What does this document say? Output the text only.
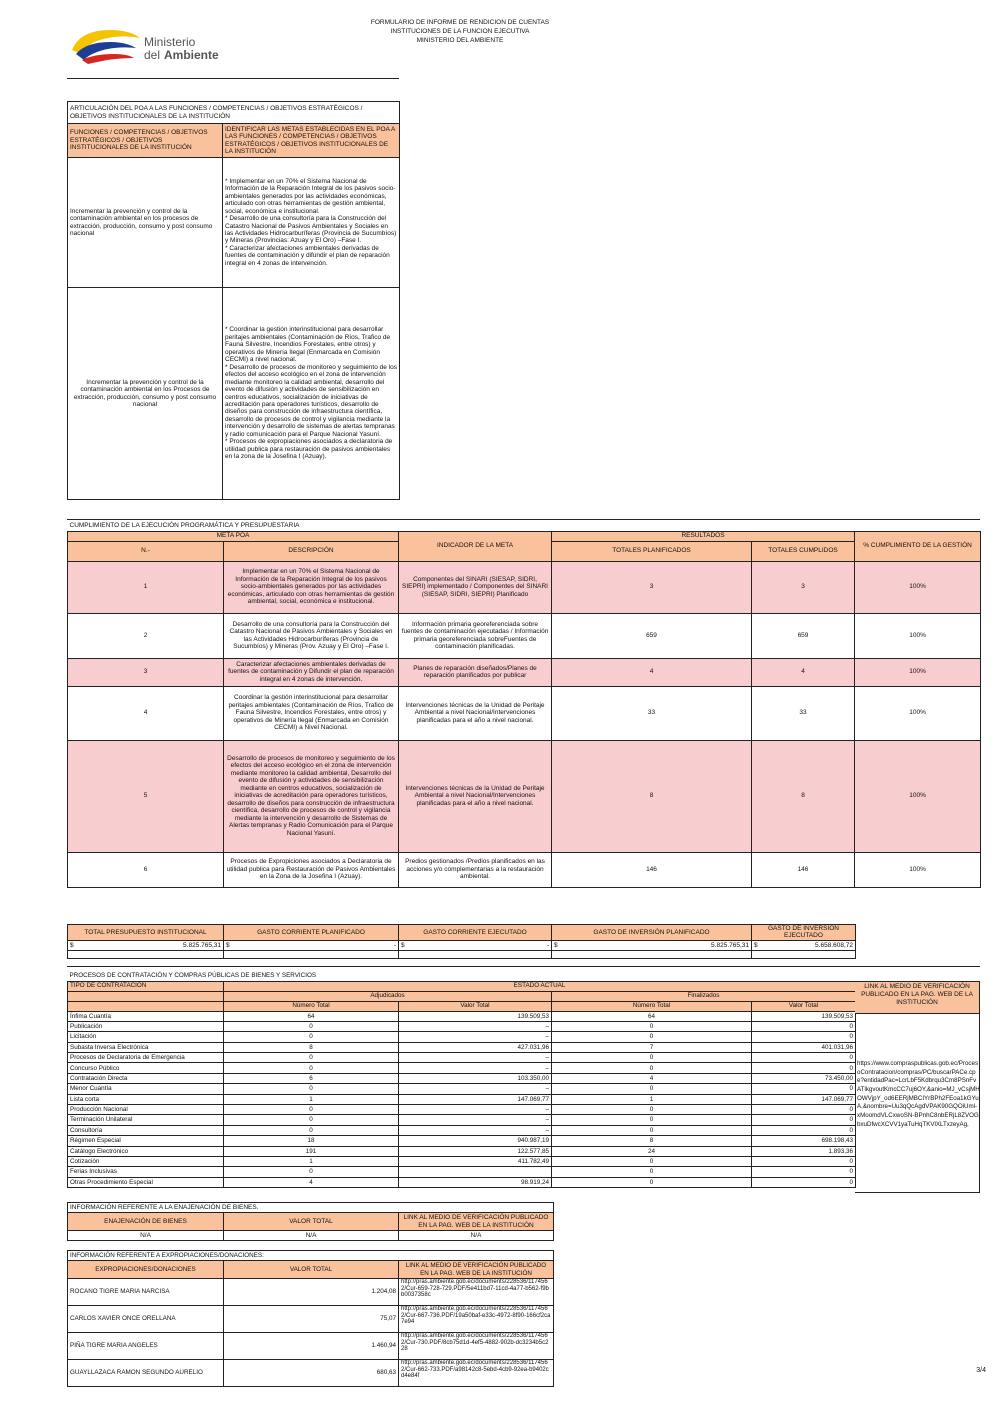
FORMULARIO DE INFORME DE RENDICION DE CUENTAS
INSTITUCIONES DE LA FUNCION EJECUTIVA
MINISTERIO DEL AMBIENTE
Ministerio
del Ambiente
ARTICULACIÓN DEL POA A LAS FUNCIONES / COMPETENCIAS / OBJETIVOS ESTRATÉGICOS / OBJETIVOS INSTITUCIONALES DE LA INSTITUCIÓN	
FUNCIONES / COMPETENCIAS / OBJETIVOS ESTRATÉGICOS / OBJETIVOS INSTITUCIONALES DE LA INSTITUCIÓN	IDENTIFICAR LAS METAS ESTABLECIDAS EN EL POA A LAS FUNCIONES / COMPETENCIAS / OBJETIVOS ESTRATÉGICOS / OBJETIVOS INSTITUCIONALES DE LA INSTITUCIÓN
Incrementar la prevención y control de la contaminación ambiental en los procesos de extracción, producción, consumo y post consumo nacional	* Implementar en un 70% el Sistema Nacional de Información de la Reparación Integral de los pasivos socio-ambientales generados por las actividades económicas, articulado con otras herramientas de gestión ambiental, social, económica e institucional.
* Desarrollo de una consultoría para la Construcción del Catastro Nacional de Pasivos Ambientales y Sociales en las Actividades Hidrocarburíferas (Provincia de Sucumbíos) y Mineras (Provincias: Azuay y El Oro) –Fase I.
* Caracterizar afectaciones ambientales derivadas de fuentes de contaminación y difundir el plan de reparación integral en 4 zonas de intervención.
Incrementar la prevención y control de la contaminación ambiental en los Procesos de extracción, producción, consumo y post consumo nacional	* Coordinar la gestión interinstitucional para desarrollar peritajes ambientales (Contaminación de Ríos, Trafico de Fauna Silvestre, Incendios Forestales, entre otros) y operativos de Minería Ilegal (Enmarcada en Comisión CECMI) a nivel nacional.
* Desarrollo de procesos de monitoreo y seguimiento de los efectos del acceso ecológico en el zona de intervención mediante monitoreo la calidad ambiental, desarrollo del evento de difusión y actividades de sensibilización en centros educativos, socialización de iniciativas de acreditación para operadores turísticos, desarrollo de diseños para construcción de infraestructura científica, desarrollo de procesos de control y vigilancia mediante la intervención y desarrollo de sistemas de alertas tempranas y radio comunicación para el Parque Nacional Yasuní.
* Procesos de expropiaciones asociados a declaratoria de utilidad publica para restauración de pasivos ambientales en la zona de la Josefina I (Azuay).
CUMPLIMIENTO DE LA EJECUCIÓN PROGRAMÁTICA Y PRESUPUESTARIA					
META POA		INDICADOR DE LA META	RESULTADOS		% CUMPLIMIENTO DE LA GESTIÓN
N.-	DESCRIPCIÓN		TOTALES PLANIFICADOS	TOTALES CUMPLIDOS	
1	Implementar en un 70% el Sistema Nacional de Información de la Reparación Integral de los pasivos socio-ambientales generados por las actividades económicas, articulado con otras herramientas de gestión ambiental, social, económica e institucional.	Componentes del SINARI (SIESAP, SIDRI, SIEPRI) implementado / Componentes del SINARI (SIESAP, SIDRI, SIEPRI) Planificado	3	3	100%
2	Desarrollo de una consultoría para la Construcción del Catastro Nacional de Pasivos Ambientales y Sociales en las Actividades Hidrocarburíferas (Provincia de Sucumbíos) y Mineras (Prov. Azuay y El Oro) –Fase I.	Información primaria georeferenciada sobre fuentes de contaminación ejecutadas / Información primaria georeferenciada sobreFuentes de contaminación planificadas.	659	659	100%
3	Caracterizar afectaciones ambientales derivadas de fuentes de contaminación y Difundir el plan de reparación integral en 4 zonas de intervención.	Planes de reparación diseñados/Planes de reparación planificados por publicar	4	4	100%
4	Coordinar la gestión interinstitucional para desarrollar peritajes ambientales (Contaminación de Ríos, Trafico de Fauna Silvestre, Incendios Forestales, entre otros) y operativos de Minería Ilegal (Enmarcada en Comisión CECMI) a Nivel Nacional.	Intervenciones técnicas de la Unidad de Peritaje Ambiental a nivel Nacional/Intervenciones planificadas para el año a nivel nacional.	33	33	100%
5	Desarrollo de procesos de monitoreo y seguimiento de los efectos del acceso ecológico en el zona de intervención mediante monitoreo la calidad ambiental, Desarrollo del evento de difusión y actividades de sensibilización mediante en centros educativos, socialización de iniciativas de acreditación para operadores turísticos, desarrollo de diseños para construcción de infraestructura científica, desarrollo de procesos de control y vigilancia mediante la intervención y desarrollo de Sistemas de Alertas tempranas y Radio Comunicación para el Parque Nacional Yasuní.	Intervenciones técnicas de la Unidad de Peritaje Ambiental a nivel Nacional/Intervenciones planificadas para el año a nivel nacional.	8	8	100%
6	Procesos de Expropiciones asociados a Declaratoria de utilidad publica para Restauración de Pasivos Ambientales en la Zona de la Josefina I (Azuay).	Predios gestionados /Predios planificados en las acciones y/o complementarias a la restauración ambiental.	146	146	100%
TOTAL PRESUPUESTO INSTITUCIONAL	GASTO CORRIENTE PLANIFICADO	GASTO CORRIENTE EJECUTADO	GASTO DE INVERSIÓN PLANIFICADO	GASTO DE INVERSIÓN EJECUTADO
$ 5.825.765,31	$ -	$ -	$ 5.825.765,31	$ 5.658.608,72

PROCESOS DE CONTRATACIÓN Y COMPRAS PÚBLICAS DE BIENES Y SERVICIOS				
TIPO DE CONTRATACIÓN	ESTADO ACTUAL			
	Adjudicados		Finalizados	
	Número Total	Valor Total	Número Total	Valor Total
Ínfima Cuantía	64	139.509,53	64	139.509,53
Publicación	0	–	0	0
Licitación	0	–	0	0
Subasta Inversa Electrónica	8	427.031,96	7	401.031,96
Procesos de Declaratoria de Emergencia	0	–	0	0
Concurso Público	0	–	0	0
Contratación Directa	6	103.350,00	4	73.450,00
Menor Cuantía	0	–	0	0
Lista corta	1	147.069,77	1	147.069,77
Producción Nacional	0	–	0	0
Terminación Unilateral	0	–	0	0
Consultoría	0	–	0	0
Régimen Especial	18	940.987,19	8	698.198,43
Catálogo Electrónico	191	122.577,85	24	1.893,36
Cotización	1	411.782,49	0	0
Ferias Inclusivas	0		0	0
Otras Procedimiento Especial	4	98.919,24	0	0
LINK AL MEDIO DE VERIFICACIÓN PUBLICADO EN LA PAG. WEB DE LA INSTITUCIÓN
https://www.compraspublicas.gob.ec/ProcesoContratacion/compras/PC/buscarPACe.cpe?entidadPac=LcrLbF5Kdbrqu3Cm8PSnFvATlkgvoutKmcCC7uj6OY,&anio=MJ_vCsjMHOWVjpY_od6EERjMBCIYrBPh2FEoa1kGYuA,&nombre=Uu3qQcAgdVPAK90GQOiUml-xMoomdVLCxwoSN-BPnhC8nbERjL8ZVOGbxuDfwcXCVV1yaTuHqTKVlXLTxzeyAg,
INFORMACIÓN REFERENTE A LA ENAJENACIÓN DE BIENES.		
ENAJENACIÓN DE BIENES	VALOR TOTAL	LINK AL MEDIO DE VERIFICACIÓN PUBLICADO EN LA PAG. WEB DE LA INSTITUCIÓN
N/A	N/A	N/A
INFORMACIÓN REFERENTE A EXPROPIACIONES/DONACIONES:		
EXPROPIACIONES/DONACIONES	VALOR TOTAL	LINK AL MEDIO DE VERIFICACIÓN PUBLICADO EN LA PAG. WEB DE LA INSTITUCIÓN
ROCANO TIGRE MARIA NARCISA	1.204,08	http://pras.ambiente.gob.ec/documents/228536/1174562/Cur-659-728-729.PDF/5e411bd7-11cd-4a77-b562-f9bb0037358c
CARLOS XAVIER ONCE ORELLANA	75,07	http://pras.ambiente.gob.ec/documents/228536/1174562/Cur-667-736.PDF/19a50baf-e33c-4972-8f90-166cf2ca7e94
PIÑA TIGRE MARIA ANGELES	1.460,94	http://pras.ambiente.gob.ec/documents/228536/1174562/Cur-730.PDF/8cb75d1d-4ef5-4882-902b-dc3234b5c228
GUAYLLAZACA RAMON SEGUNDO AURELIO	680,63	http://pras.ambiente.gob.ec/documents/228536/1174562/Cur-662-733.PDF/a98142c8-5ebd-4cb9-92ea-b9402cd4e84f
3/4
